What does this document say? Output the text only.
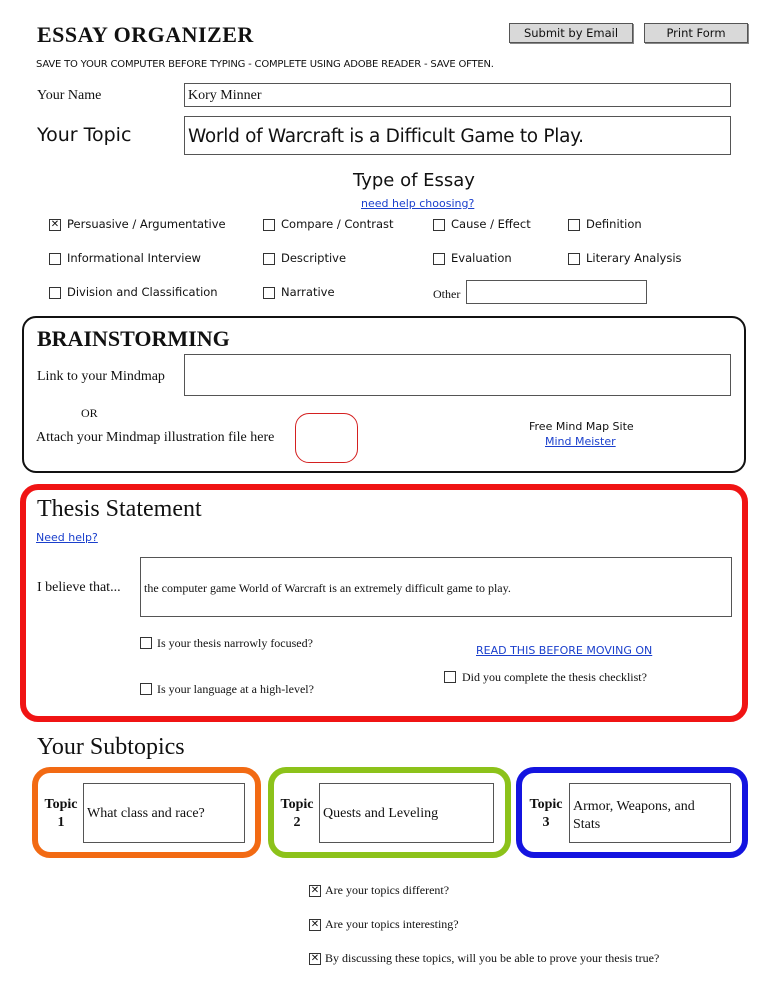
ESSAY ORGANIZER	Submit by Email	Print Form
SAVE TO YOUR COMPUTER BEFORE TYPING - COMPLETE USING ADOBE READER - SAVE OFTEN.
Your Name	Kory Minner
Your Topic	World of Warcraft is a Difficult Game to Play.
Type of Essay
need help choosing?
✕ Persuasive / Argumentative	Compare / Contrast	Cause / Effect	Definition
Informational Interview	Descriptive	Evaluation	Literary Analysis
Division and Classification	Narrative	Other
BRAINSTORMING
Link to your Mindmap
OR
Attach your Mindmap illustration file here
Free Mind Map Site
Mind Meister
Thesis Statement
Need help?
I believe that... the computer game World of Warcraft is an extremely difficult game to play.
Is your thesis narrowly focused?
Is your language at a high-level?
READ THIS BEFORE MOVING ON
Did you complete the thesis checklist?
Your Subtopics
Topic
1
What class and race?
Topic
2
Quests and Leveling
Topic
3
Armor, Weapons, and Stats
✕ Are your topics different?
✕ Are your topics interesting?
✕ By discussing these topics, will you be able to prove your thesis true?
